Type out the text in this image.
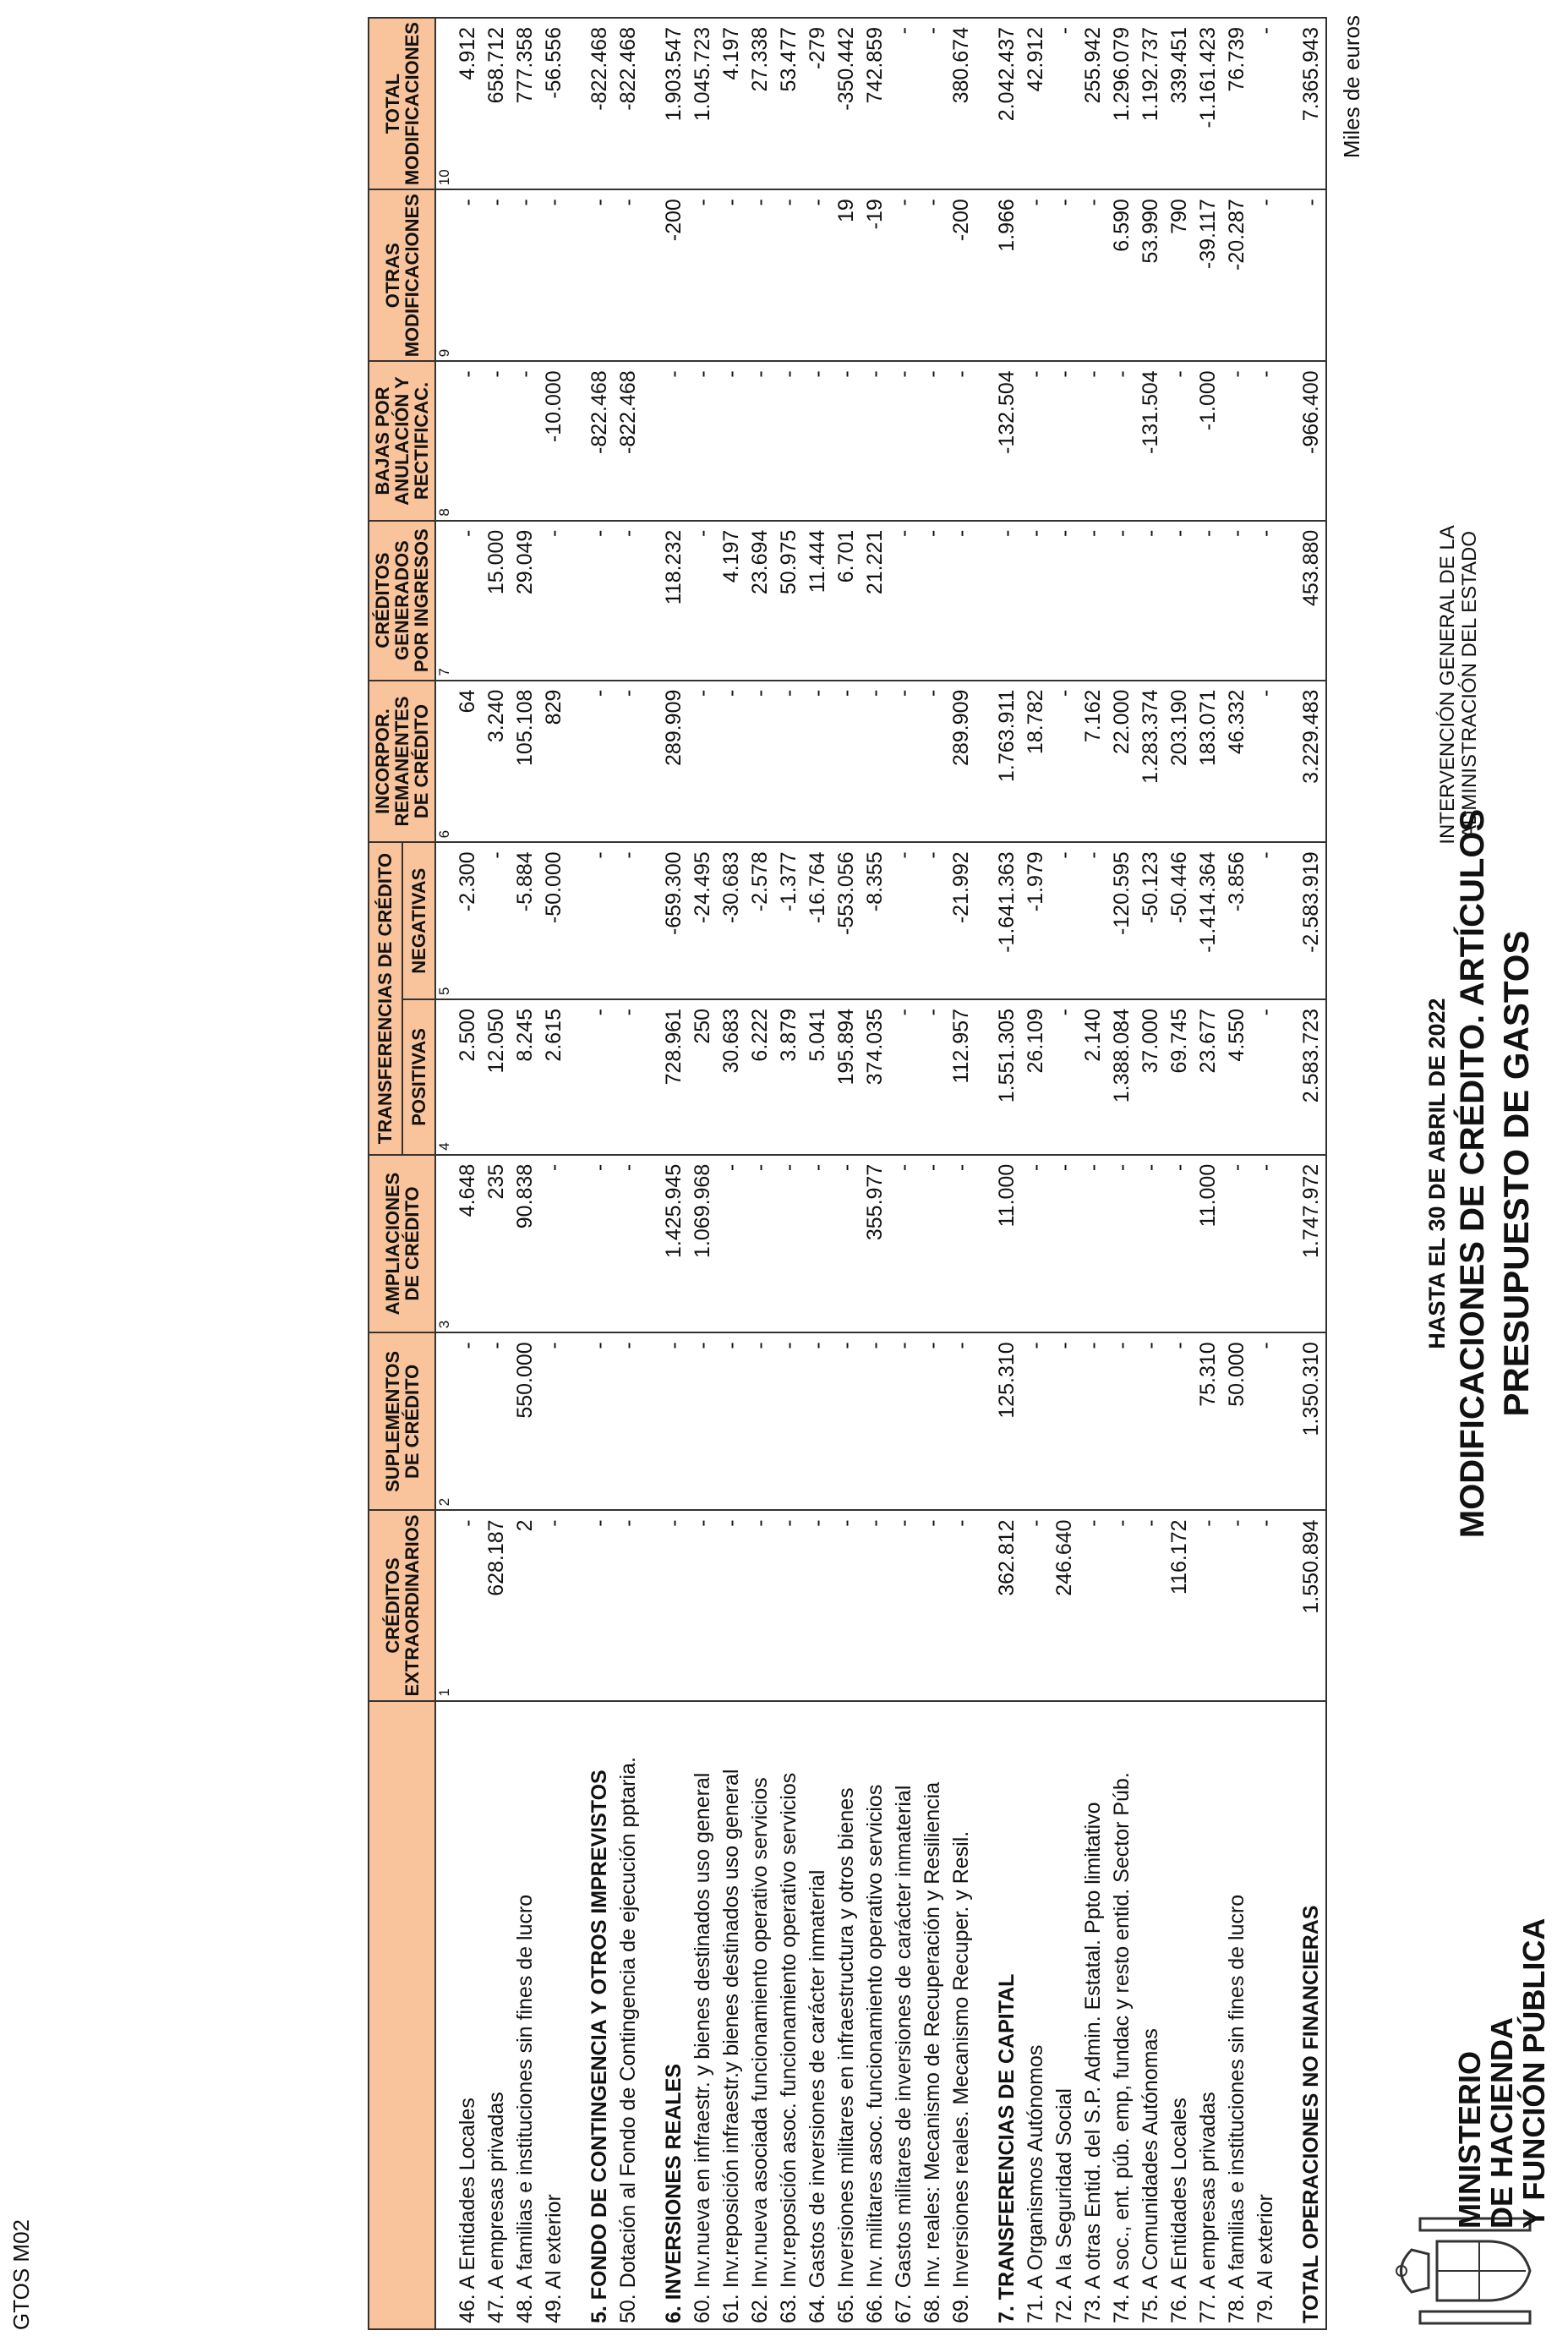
GTOS M02
MINISTERIO
DE HACIENDA
Y FUNCIÓN PÚBLICA
PRESUPUESTO DE GASTOS
MODIFICACIONES DE CRÉDITO. ARTÍCULOS
HASTA EL 30 DE ABRIL DE 2022
INTERVENCIÓN GENERAL DE LA ADMINISTRACIÓN DEL ESTADO
Miles de euros
	CRÉDITOS EXTRAORDINARIOS	SUPLEMENTOS DE CRÉDITO	AMPLIACIONES DE CRÉDITO	TRANSFERENCIAS DE CRÉDITO		INCORPOR. REMANENTES DE CRÉDITO	CRÉDITOS GENERADOS POR INGRESOS	BAJAS POR ANULACIÓN Y RECTIFICAC.	OTRAS MODIFICACIONES	TOTAL MODIFICACIONES
				POSITIVAS	NEGATIVAS					
	1	2	3	4	5	6	7	8	9	10
46. A Entidades Locales	-	-	4.648	2.500	-2.300	64	-	-	-	4.912
47. A empresas privadas	628.187	-	235	12.050	-	3.240	15.000	-	-	658.712
48. A familias e instituciones sin fines de lucro	2	550.000	90.838	8.245	-5.884	105.108	29.049	-	-	777.358
49. Al exterior	-	-	-	2.615	-50.000	829	-	-10.000	-	-56.556

5. FONDO DE CONTINGENCIA Y OTROS IMPREVISTOS	-	-	-	-	-	-	-	-822.468	-	-822.468
50. Dotación al Fondo de Contingencia de ejecución pptaria.	-	-	-	-	-	-	-	-822.468	-	-822.468

6. INVERSIONES REALES	-	-	1.425.945	728.961	-659.300	289.909	118.232	-	-200	1.903.547
60. Inv.nueva en infraestr. y bienes destinados uso general	-	-	1.069.968	250	-24.495	-	-	-	-	1.045.723
61. Inv.reposición infraestr.y bienes destinados uso general	-	-	-	30.683	-30.683	-	4.197	-	-	4.197
62. Inv.nueva asociada funcionamiento operativo servicios	-	-	-	6.222	-2.578	-	23.694	-	-	27.338
63. Inv.reposición asoc. funcionamiento operativo servicios	-	-	-	3.879	-1.377	-	50.975	-	-	53.477
64. Gastos de inversiones de carácter inmaterial	-	-	-	5.041	-16.764	-	11.444	-	-	-279
65. Inversiones militares en infraestructura y otros bienes	-	-	-	195.894	-553.056	-	6.701	-	19	-350.442
66. Inv. militares asoc. funcionamiento operativo servicios	-	-	355.977	374.035	-8.355	-	21.221	-	-19	742.859
67. Gastos militares de inversiones de carácter inmaterial	-	-	-	-	-	-	-	-	-	-
68. Inv. reales: Mecanismo de Recuperación y Resiliencia	-	-	-	-	-	-	-	-	-	-
69. Inversiones reales. Mecanismo Recuper. y Resil.	-	-	-	112.957	-21.992	289.909	-	-	-200	380.674

7. TRANSFERENCIAS DE CAPITAL	362.812	125.310	11.000	1.551.305	-1.641.363	1.763.911	-	-132.504	1.966	2.042.437
71. A Organismos Autónomos	-	-	-	26.109	-1.979	18.782	-	-	-	42.912
72. A la Seguridad Social	246.640	-	-	-	-	-	-	-	-	-
73. A otras Entid. del S.P. Admin. Estatal. Ppto limitativo	-	-	-	2.140	-	7.162	-	-	-	255.942
74. A soc., ent. púb. emp, fundac y resto entid. Sector Púb.	-	-	-	1.388.084	-120.595	22.000	-	-	6.590	1.296.079
75. A Comunidades Autónomas	-	-	-	37.000	-50.123	1.283.374	-	-131.504	53.990	1.192.737
76. A Entidades Locales	116.172	-	-	69.745	-50.446	203.190	-	-	790	339.451
77. A empresas privadas	-	75.310	11.000	23.677	-1.414.364	183.071	-	-1.000	-39.117	-1.161.423
78. A familias e instituciones sin fines de lucro	-	50.000	-	4.550	-3.856	46.332	-	-	-20.287	76.739
79. Al exterior	-	-	-	-	-	-	-	-	-	-

TOTAL OPERACIONES NO FINANCIERAS	1.550.894	1.350.310	1.747.972	2.583.723	-2.583.919	3.229.483	453.880	-966.400	-	7.365.943
